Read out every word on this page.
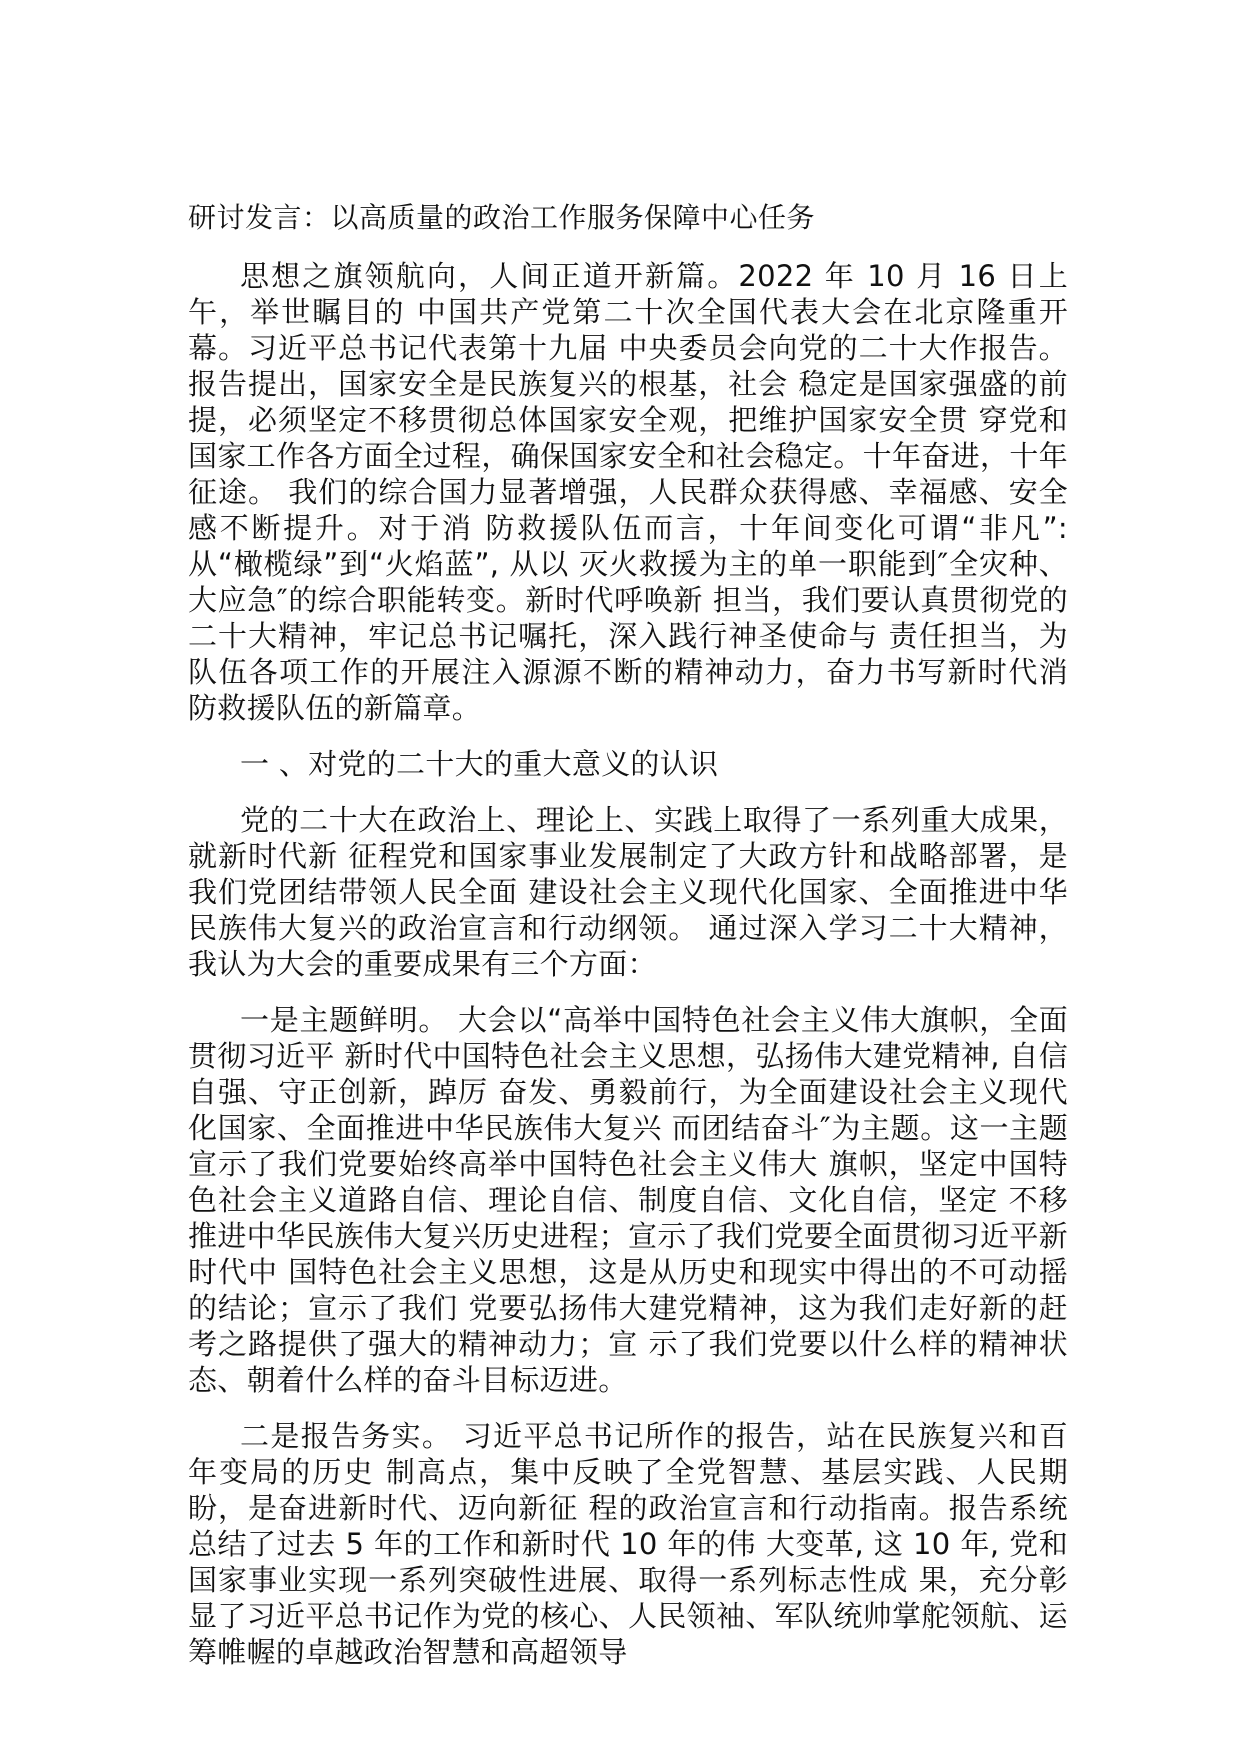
研讨发言：以高质量的政治工作服务保障中心任务

思想之旗领航向，人间正道开新篇。2022 年 10 月 16 日上午，举世瞩目的 中国共产党第二十次全国代表大会在北京隆重开幕。习近平总书记代表第十九届 中央委员会向党的二十大作报告。报告提出，国家安全是民族复兴的根基，社会 稳定是国家强盛的前提，必须坚定不移贯彻总体国家安全观，把维护国家安全贯 穿党和国家工作各方面全过程，确保国家安全和社会稳定。十年奋进，十年征途。 我们的综合国力显著增强，人民群众获得感、幸福感、安全感不断提升。对于消 防救援队伍而言，十年间变化可谓“非凡”: 从“橄榄绿”到“火焰蓝”, 从以 灭火救援为主的单一职能到″全灾种、大应急″的综合职能转变。新时代呼唤新 担当，我们要认真贯彻党的二十大精神，牢记总书记嘱托，深入践行神圣使命与 责任担当，为队伍各项工作的开展注入源源不断的精神动力，奋力书写新时代消 防救援队伍的新篇章。

一 、对党的二十大的重大意义的认识

党的二十大在政治上、理论上、实践上取得了一系列重大成果，就新时代新 征程党和国家事业发展制定了大政方针和战略部署，是我们党团结带领人民全面 建设社会主义现代化国家、全面推进中华民族伟大复兴的政治宣言和行动纲领。 通过深入学习二十大精神，我认为大会的重要成果有三个方面：

一是主题鲜明。 大会以“高举中国特色社会主义伟大旗帜，全面贯彻习近平 新时代中国特色社会主义思想，弘扬伟大建党精神, 自信自强、守正创新，踔厉 奋发、勇毅前行，为全面建设社会主义现代化国家、全面推进中华民族伟大复兴 而团结奋斗″为主题。这一主题宣示了我们党要始终高举中国特色社会主义伟大 旗帜，坚定中国特色社会主义道路自信、理论自信、制度自信、文化自信，坚定 不移推进中华民族伟大复兴历史进程；宣示了我们党要全面贯彻习近平新时代中 国特色社会主义思想，这是从历史和现实中得出的不可动摇的结论；宣示了我们 党要弘扬伟大建党精神，这为我们走好新的赶考之路提供了强大的精神动力；宣 示了我们党要以什么样的精神状态、朝着什么样的奋斗目标迈进。

二是报告务实。 习近平总书记所作的报告，站在民族复兴和百年变局的历史 制高点，集中反映了全党智慧、基层实践、人民期盼，是奋进新时代、迈向新征 程的政治宣言和行动指南。报告系统总结了过去 5 年的工作和新时代 10 年的伟 大变革, 这 10 年, 党和国家事业实现一系列突破性进展、取得一系列标志性成 果，充分彰显了习近平总书记作为党的核心、人民领袖、军队统帅掌舵领航、运 筹帷幄的卓越政治智慧和高超领导
